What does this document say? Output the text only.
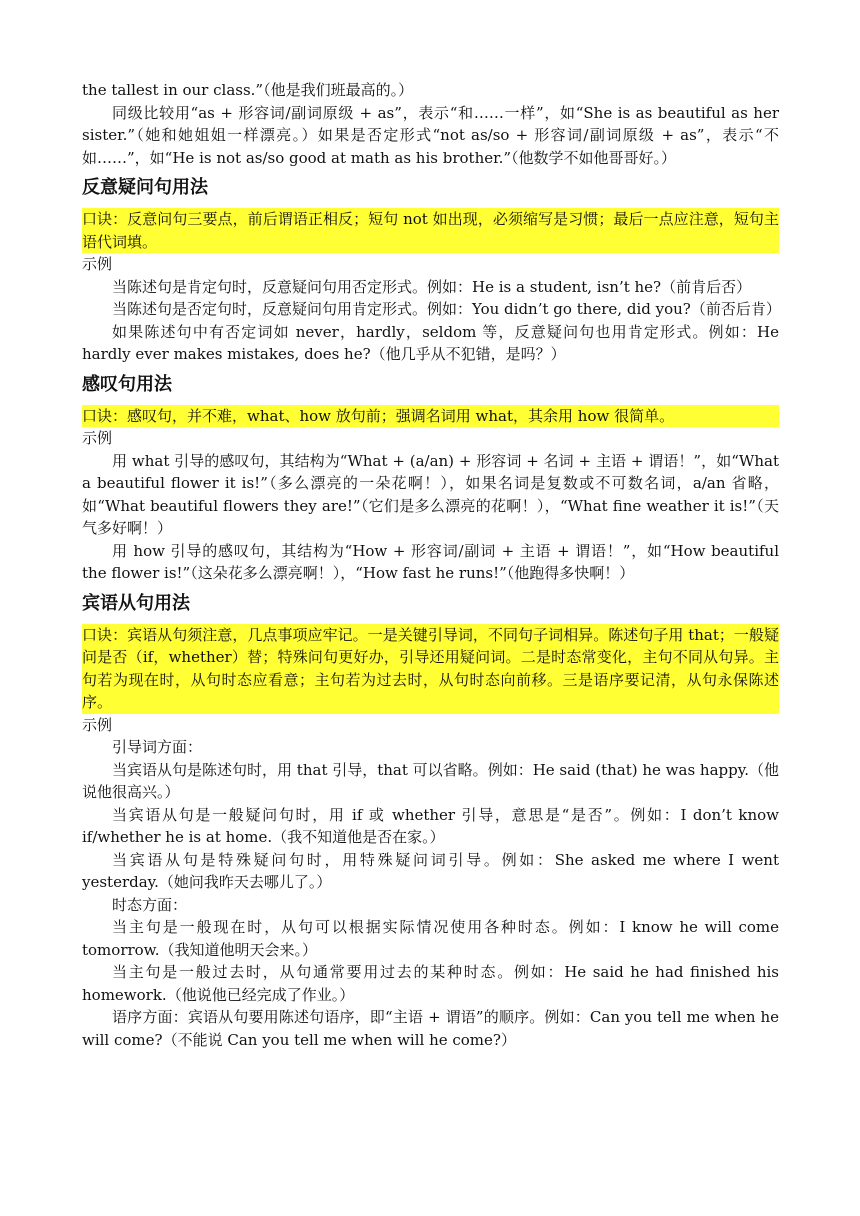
the tallest in our class.”（他是我们班最高的。）

同级比较用“as + 形容词/副词原级 + as”，表示“和……一样”，如“She is as beautiful as her sister.”（她和她姐姐一样漂亮。）如果是否定形式“not as/so + 形容词/副词原级 + as”，表示“不如……”，如“He is not as/so good at math as his brother.”（他数学不如他哥哥好。）

反意疑问句用法

口诀：反意问句三要点，前后谓语正相反；短句 not 如出现，必须缩写是习惯；最后一点应注意，短句主语代词填。

示例

当陈述句是肯定句时，反意疑问句用否定形式。例如：He is a student, isn’t he?（前肯后否）

当陈述句是否定句时，反意疑问句用肯定形式。例如：You didn’t go there, did you?（前否后肯）

如果陈述句中有否定词如 never，hardly，seldom 等，反意疑问句也用肯定形式。例如：He hardly ever makes mistakes, does he?（他几乎从不犯错，是吗？）

感叹句用法

口诀：感叹句，并不难，what、how 放句前；强调名词用 what，其余用 how 很简单。

示例

用 what 引导的感叹句，其结构为“What + (a/an) + 形容词 + 名词 + 主语 + 谓语！”，如“What a beautiful flower it is!”（多么漂亮的一朵花啊！），如果名词是复数或不可数名词，a/an 省略，如“What beautiful flowers they are!”（它们是多么漂亮的花啊！），“What fine weather it is!”（天气多好啊！）

用 how 引导的感叹句，其结构为“How + 形容词/副词 + 主语 + 谓语！”，如“How beautiful the flower is!”（这朵花多么漂亮啊！），“How fast he runs!”（他跑得多快啊！）

宾语从句用法

口诀：宾语从句须注意，几点事项应牢记。一是关键引导词，不同句子词相异。陈述句子用 that；一般疑问是否（if，whether）替；特殊问句更好办，引导还用疑问词。二是时态常变化，主句不同从句异。主句若为现在时，从句时态应看意；主句若为过去时，从句时态向前移。三是语序要记清，从句永保陈述序。

示例

引导词方面：

当宾语从句是陈述句时，用 that 引导，that 可以省略。例如：He said (that) he was happy.（他说他很高兴。）

当宾语从句是一般疑问句时，用 if 或 whether 引导，意思是“是否”。例如：I don’t know if/whether he is at home.（我不知道他是否在家。）

当宾语从句是特殊疑问句时，用特殊疑问词引导。例如：She asked me where I went yesterday.（她问我昨天去哪儿了。）

时态方面：

当主句是一般现在时，从句可以根据实际情况使用各种时态。例如：I know he will come tomorrow.（我知道他明天会来。）

当主句是一般过去时，从句通常要用过去的某种时态。例如：He said he had finished his homework.（他说他已经完成了作业。）

语序方面：宾语从句要用陈述句语序，即“主语 + 谓语”的顺序。例如：Can you tell me when he will come?（不能说 Can you tell me when will he come?）
